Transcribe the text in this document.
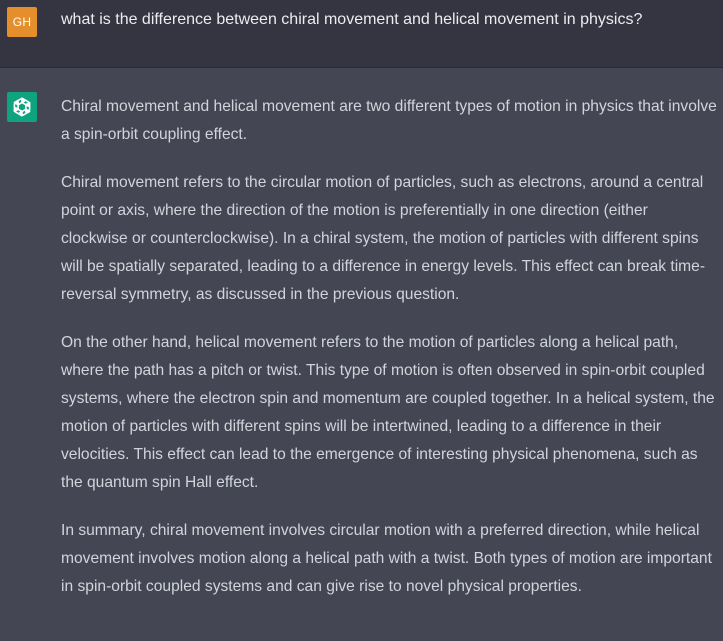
GH	what is the difference between chiral movement and helical movement in physics?

Chiral movement and helical movement are two different types of motion in physics that involve a spin-orbit coupling effect.

Chiral movement refers to the circular motion of particles, such as electrons, around a central point or axis, where the direction of the motion is preferentially in one direction (either clockwise or counterclockwise). In a chiral system, the motion of particles with different spins will be spatially separated, leading to a difference in energy levels. This effect can break time-reversal symmetry, as discussed in the previous question.

On the other hand, helical movement refers to the motion of particles along a helical path, where the path has a pitch or twist. This type of motion is often observed in spin-orbit coupled systems, where the electron spin and momentum are coupled together. In a helical system, the motion of particles with different spins will be intertwined, leading to a difference in their velocities. This effect can lead to the emergence of interesting physical phenomena, such as the quantum spin Hall effect.

In summary, chiral movement involves circular motion with a preferred direction, while helical movement involves motion along a helical path with a twist. Both types of motion are important in spin-orbit coupled systems and can give rise to novel physical properties.
